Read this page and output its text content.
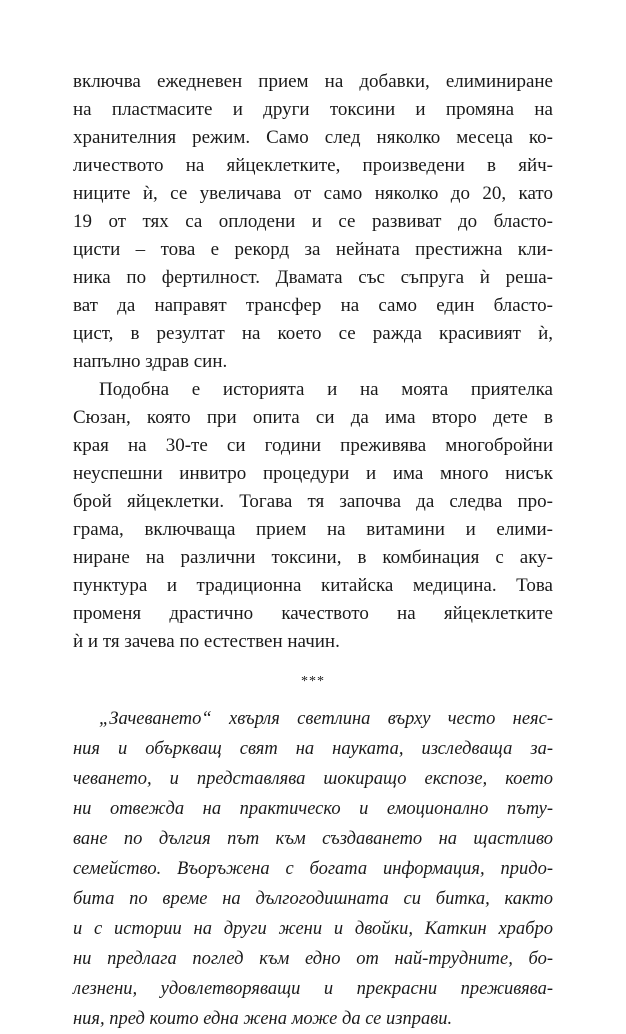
включва ежедневен прием на добавки, елиминиране
на пластмасите и други токсини и промяна на
хранителния режим. Само след няколко месеца ко-
личеството на яйцеклетките, произведени в яйч-
ниците ѝ, се увеличава от само няколко до 20, като
19 от тях са оплодени и се развиват до бласто-
цисти – това е рекорд за нейната престижна кли-
ника по фертилност. Двамата със съпруга ѝ реша-
ват да направят трансфер на само един бласто-
цист, в резултат на което се ражда красивият ѝ,
напълно здрав син.
Подобна е историята и на моята приятелка
Сюзан, която при опита си да има второ дете в
края на 30-те си години преживява многобройни
неуспешни инвитро процедури и има много нисък
брой яйцеклетки. Тогава тя започва да следва про-
грама, включваща прием на витамини и елими-
ниране на различни токсини, в комбинация с аку-
пунктура и традиционна китайска медицина. Това
променя драстично качеството на яйцеклетките
ѝ и тя зачева по естествен начин.
***
„Зачеването“ хвърля светлина върху често неяс-
ния и объркващ свят на науката, изследваща за-
чеването, и представлява шокиращо експозе, което
ни отвежда на практическо и емоционално пъту-
ване по дългия път към създаването на щастливо
семейство. Въоръжена с богата информация, придо-
бита по време на дългогодишната си битка, както
и с истории на други жени и двойки, Каткин храбро
ни предлага поглед към едно от най-трудните, бо-
лезнени, удовлетворяващи и прекрасни преживява-
ния, пред които една жена може да се изправи.
